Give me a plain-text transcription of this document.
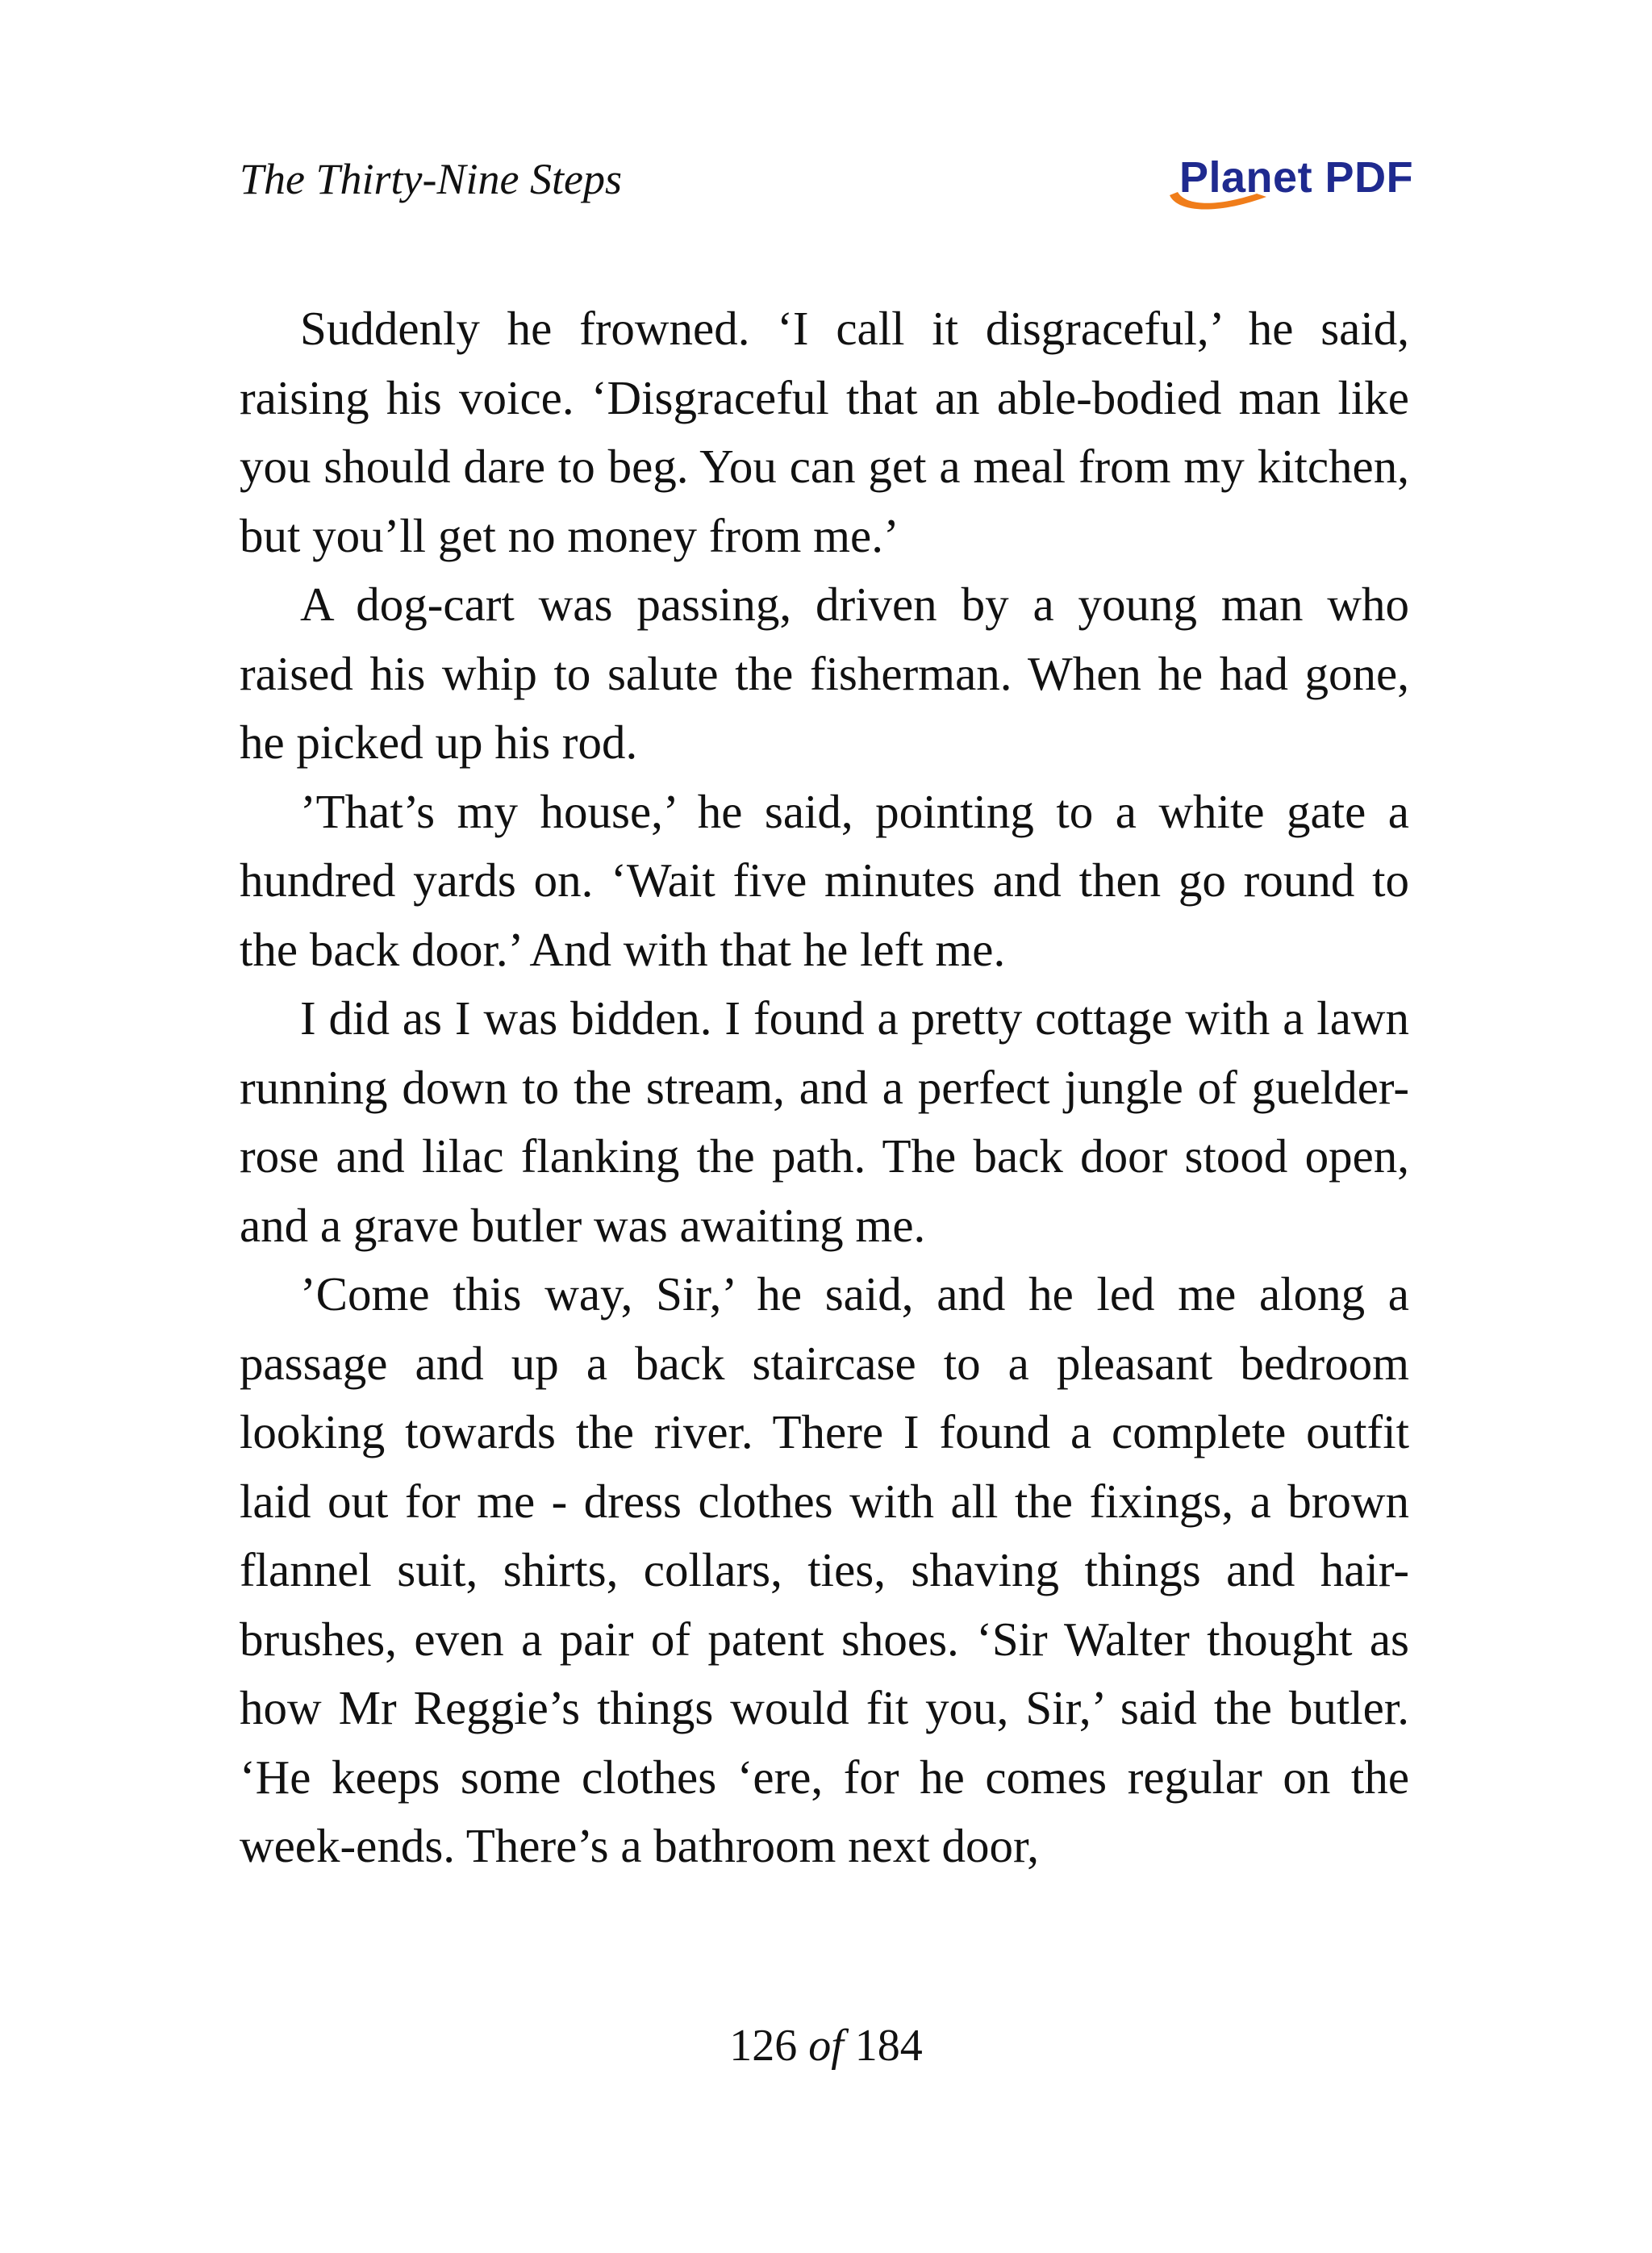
The Thirty-Nine Steps	Planet PDF

Suddenly he frowned. ‘I call it disgraceful,’ he said, raising his voice. ‘Disgraceful that an able-bodied man like you should dare to beg. You can get a meal from my kitchen, but you’ll get no money from me.’

A dog-cart was passing, driven by a young man who raised his whip to salute the fisherman. When he had gone, he picked up his rod.

’That’s my house,’ he said, pointing to a white gate a hundred yards on. ‘Wait five minutes and then go round to the back door.’ And with that he left me.

I did as I was bidden. I found a pretty cottage with a lawn running down to the stream, and a perfect jungle of guelder-rose and lilac flanking the path. The back door stood open, and a grave butler was awaiting me.

’Come this way, Sir,’ he said, and he led me along a passage and up a back staircase to a pleasant bedroom looking towards the river. There I found a complete outfit laid out for me - dress clothes with all the fixings, a brown flannel suit, shirts, collars, ties, shaving things and hair-brushes, even a pair of patent shoes. ‘Sir Walter thought as how Mr Reggie’s things would fit you, Sir,’ said the butler. ‘He keeps some clothes ‘ere, for he comes regular on the week-ends. There’s a bathroom next door,

126 of 184
